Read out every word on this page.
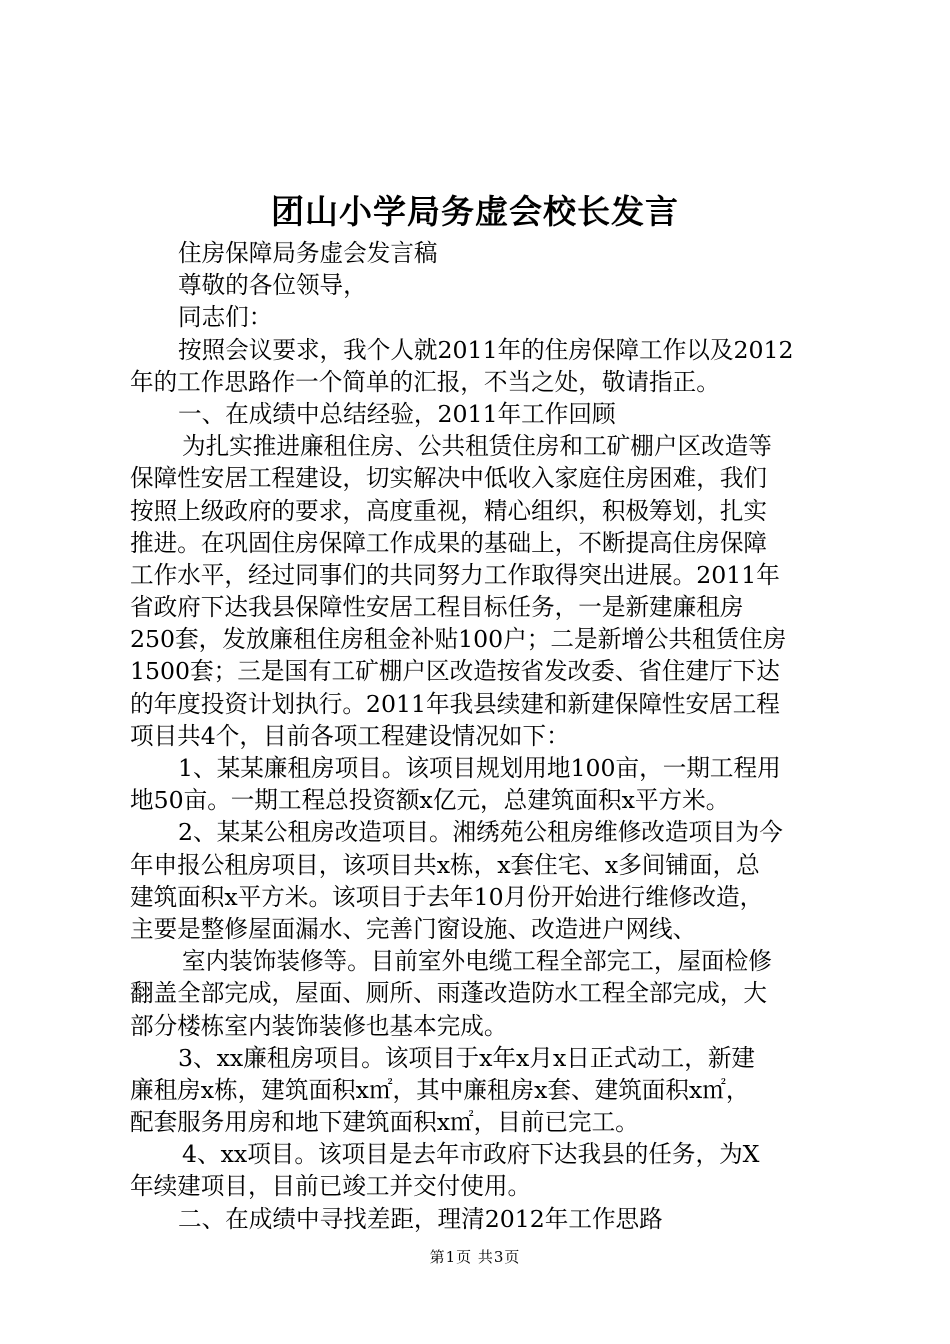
团山小学局务虚会校长发言
住房保障局务虚会发言稿
尊敬的各位领导，
同志们：
按照会议要求，我个人就2011年的住房保障工作以及2012
年的工作思路作一个简单的汇报，不当之处，敬请指正。
一、在成绩中总结经验，2011年工作回顾
为扎实推进廉租住房、公共租赁住房和工矿棚户区改造等
保障性安居工程建设，切实解决中低收入家庭住房困难，我们
按照上级政府的要求，高度重视，精心组织，积极筹划，扎实
推进。在巩固住房保障工作成果的基础上，不断提高住房保障
工作水平，经过同事们的共同努力工作取得突出进展。2011年
省政府下达我县保障性安居工程目标任务，一是新建廉租房
250套，发放廉租住房租金补贴100户；二是新增公共租赁住房
1500套；三是国有工矿棚户区改造按省发改委、省住建厅下达
的年度投资计划执行。2011年我县续建和新建保障性安居工程
项目共4个，目前各项工程建设情况如下：
1、某某廉租房项目。该项目规划用地100亩，一期工程用
地50亩。一期工程总投资额x亿元，总建筑面积x平方米。
2、某某公租房改造项目。湘绣苑公租房维修改造项目为今
年申报公租房项目，该项目共x栋，x套住宅、x多间铺面，总
建筑面积x平方米。该项目于去年10月份开始进行维修改造，
主要是整修屋面漏水、完善门窗设施、改造进户网线、
室内装饰装修等。目前室外电缆工程全部完工，屋面检修
翻盖全部完成，屋面、厕所、雨蓬改造防水工程全部完成，大
部分楼栋室内装饰装修也基本完成。
3、xx廉租房项目。该项目于x年x月x日正式动工，新建
廉租房x栋，建筑面积x㎡，其中廉租房x套、建筑面积x㎡，
配套服务用房和地下建筑面积x㎡，目前已完工。
4、xx项目。该项目是去年市政府下达我县的任务，为X
年续建项目，目前已竣工并交付使用。
二、在成绩中寻找差距，理清2012年工作思路
第1页 共3页
